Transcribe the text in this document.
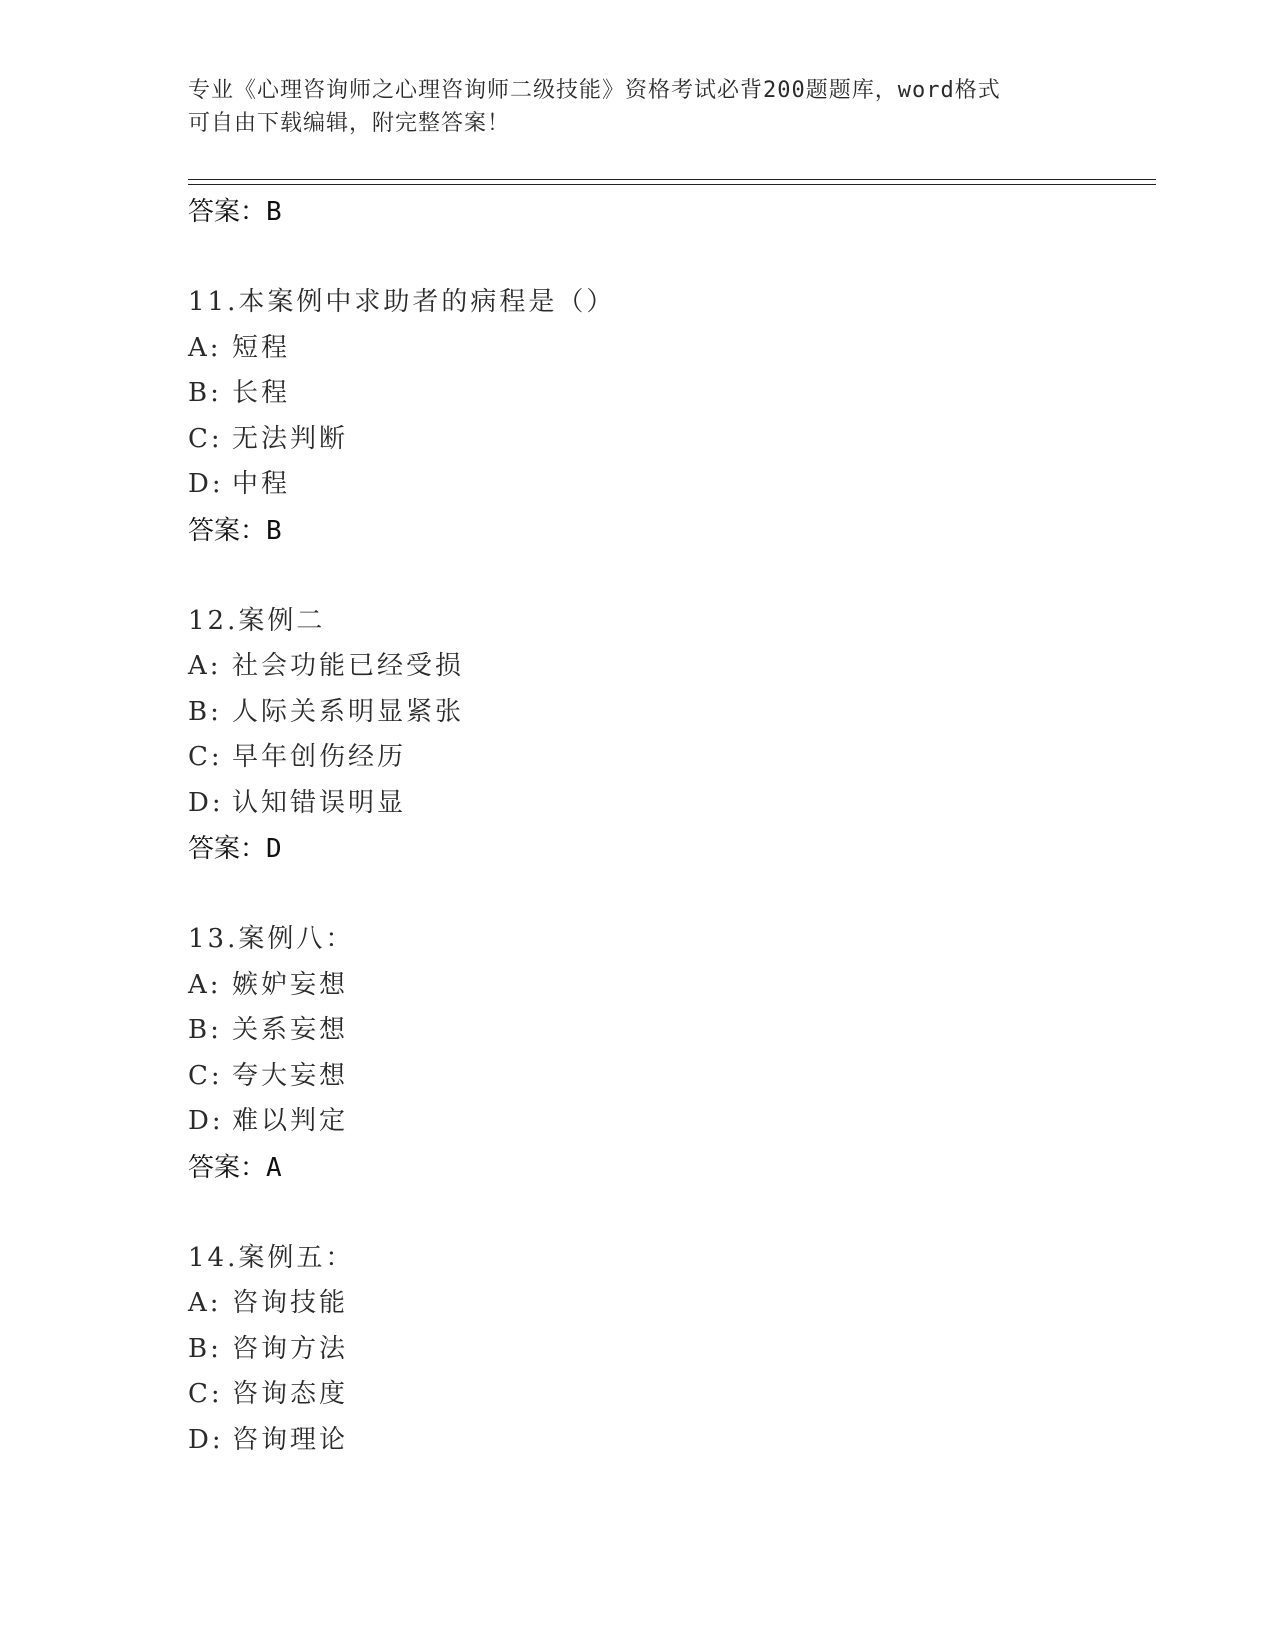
专业《心理咨询师之心理咨询师二级技能》资格考试必背200题题库，word格式
可自由下载编辑，附完整答案！
答案：B
11.本案例中求助者的病程是（）
A: 短程
B: 长程
C: 无法判断
D: 中程
答案：B
12.案例二
A: 社会功能已经受损
B: 人际关系明显紧张
C: 早年创伤经历
D: 认知错误明显
答案：D
13.案例八：
A: 嫉妒妄想
B: 关系妄想
C: 夸大妄想
D: 难以判定
答案：A
14.案例五：
A: 咨询技能
B: 咨询方法
C: 咨询态度
D: 咨询理论
